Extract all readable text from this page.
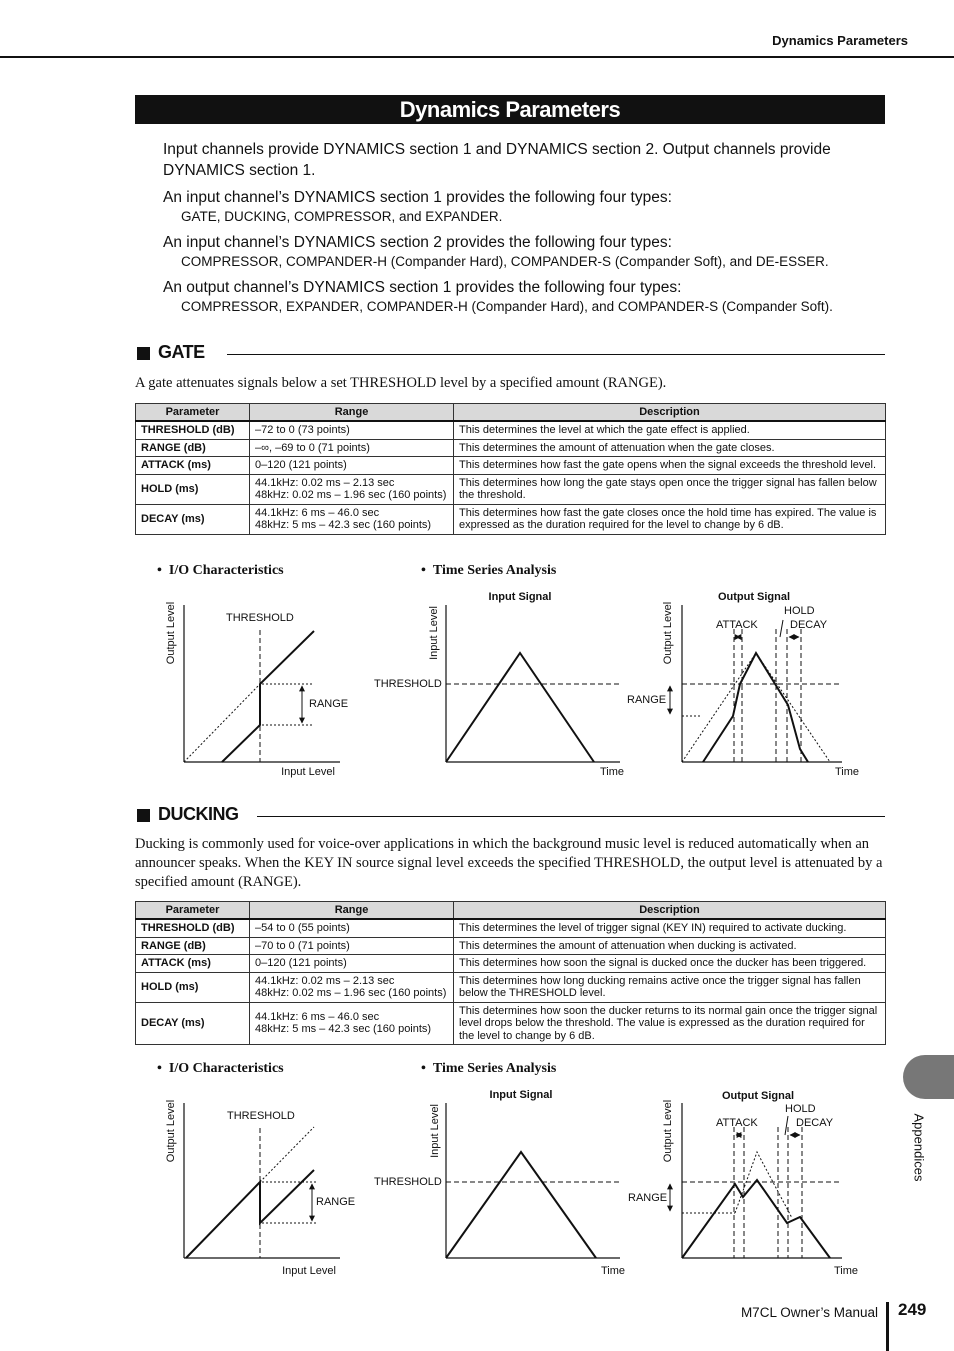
Dynamics Parameters
Dynamics Parameters
Input channels provide DYNAMICS section 1 and DYNAMICS section 2. Output channels provide DYNAMICS section 1.
An input channel’s DYNAMICS section 1 provides the following four types:
GATE, DUCKING, COMPRESSOR, and EXPANDER.
An input channel’s DYNAMICS section 2 provides the following four types:
COMPRESSOR, COMPANDER-H (Compander Hard), COMPANDER-S (Compander Soft), and DE-ESSER.
An output channel’s DYNAMICS section 1 provides the following four types:
COMPRESSOR, EXPANDER, COMPANDER-H (Compander Hard), and COMPANDER-S (Compander Soft).
GATE
A gate attenuates signals below a set THRESHOLD level by a specified amount (RANGE).
Parameter	Range	Description
THRESHOLD (dB)	–72 to 0 (73 points)	This determines the level at which the gate effect is applied.
RANGE (dB)	–∞, –69 to 0 (71 points)	This determines the amount of attenuation when the gate closes.
ATTACK (ms)	0–120 (121 points)	This determines how fast the gate opens when the signal exceeds the threshold level.
HOLD (ms)	44.1kHz: 0.02 ms – 2.13 sec
48kHz: 0.02 ms – 1.96 sec (160 points)	This determines how long the gate stays open once the trigger signal has fallen below the threshold.
DECAY (ms)	44.1kHz: 6 ms – 46.0 sec
48kHz: 5 ms – 42.3 sec (160 points)	This determines how fast the gate closes once the hold time has expired. The value is expressed as the duration required for the level to change by 6 dB.
•  I/O Characteristics	•  Time Series Analysis
THRESHOLD
RANGE
Input Level
Output Level
Input Signal
THRESHOLD
Time
Input Level
Output Signal
ATTACK
HOLD
DECAY
RANGE
Time
Output Level
DUCKING
Ducking is commonly used for voice-over applications in which the background music level is reduced automatically when an announcer speaks. When the KEY IN source signal level exceeds the specified THRESHOLD, the output level is attenuated by a specified amount (RANGE).
Parameter	Range	Description
THRESHOLD (dB)	–54 to 0 (55 points)	This determines the level of trigger signal (KEY IN) required to activate ducking.
RANGE (dB)	–70 to 0 (71 points)	This determines the amount of attenuation when ducking is activated.
ATTACK (ms)	0–120 (121 points)	This determines how soon the signal is ducked once the ducker has been triggered.
HOLD (ms)	44.1kHz: 0.02 ms – 2.13 sec
48kHz: 0.02 ms – 1.96 sec (160 points)	This determines how long ducking remains active once the trigger signal has fallen below the THRESHOLD level.
DECAY (ms)	44.1kHz: 6 ms – 46.0 sec
48kHz: 5 ms – 42.3 sec (160 points)	This determines how soon the ducker returns to its normal gain once the trigger signal level drops below the threshold. The value is expressed as the duration required for the level to change by 6 dB.
•  I/O Characteristics	•  Time Series Analysis
THRESHOLD
RANGE
Input Level
Output Level
Input Signal
THRESHOLD
Time
Input Level
Output Signal
ATTACK
HOLD
DECAY
RANGE
Time
Output Level	Appendices
M7CL Owner’s Manual 249
